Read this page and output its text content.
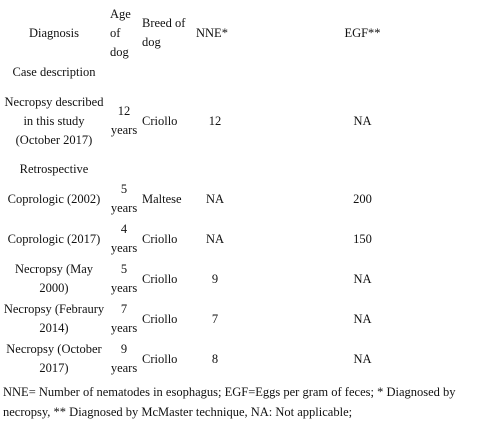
Diagnosis	Age of dog	Breed of dog	NNE*	EGF**
Case description				
Necropsy described in this study (October 2017)	12 years	Criollo	12	NA
Retrospective				
Coprologic (2002)	5 years	Maltese	NA	200
Coprologic (2017)	4 years	Criollo	NA	150
Necropsy (May 2000)	5 years	Criollo	9	NA
Necropsy (Febraury 2014)	7 years	Criollo	7	NA
Necropsy (October 2017)	9 years	Criollo	8	NA
NNE= Number of nematodes in esophagus; EGF=Eggs per gram of feces; * Diagnosed by necropsy, ** Diagnosed by McMaster technique, NA: Not applicable;
